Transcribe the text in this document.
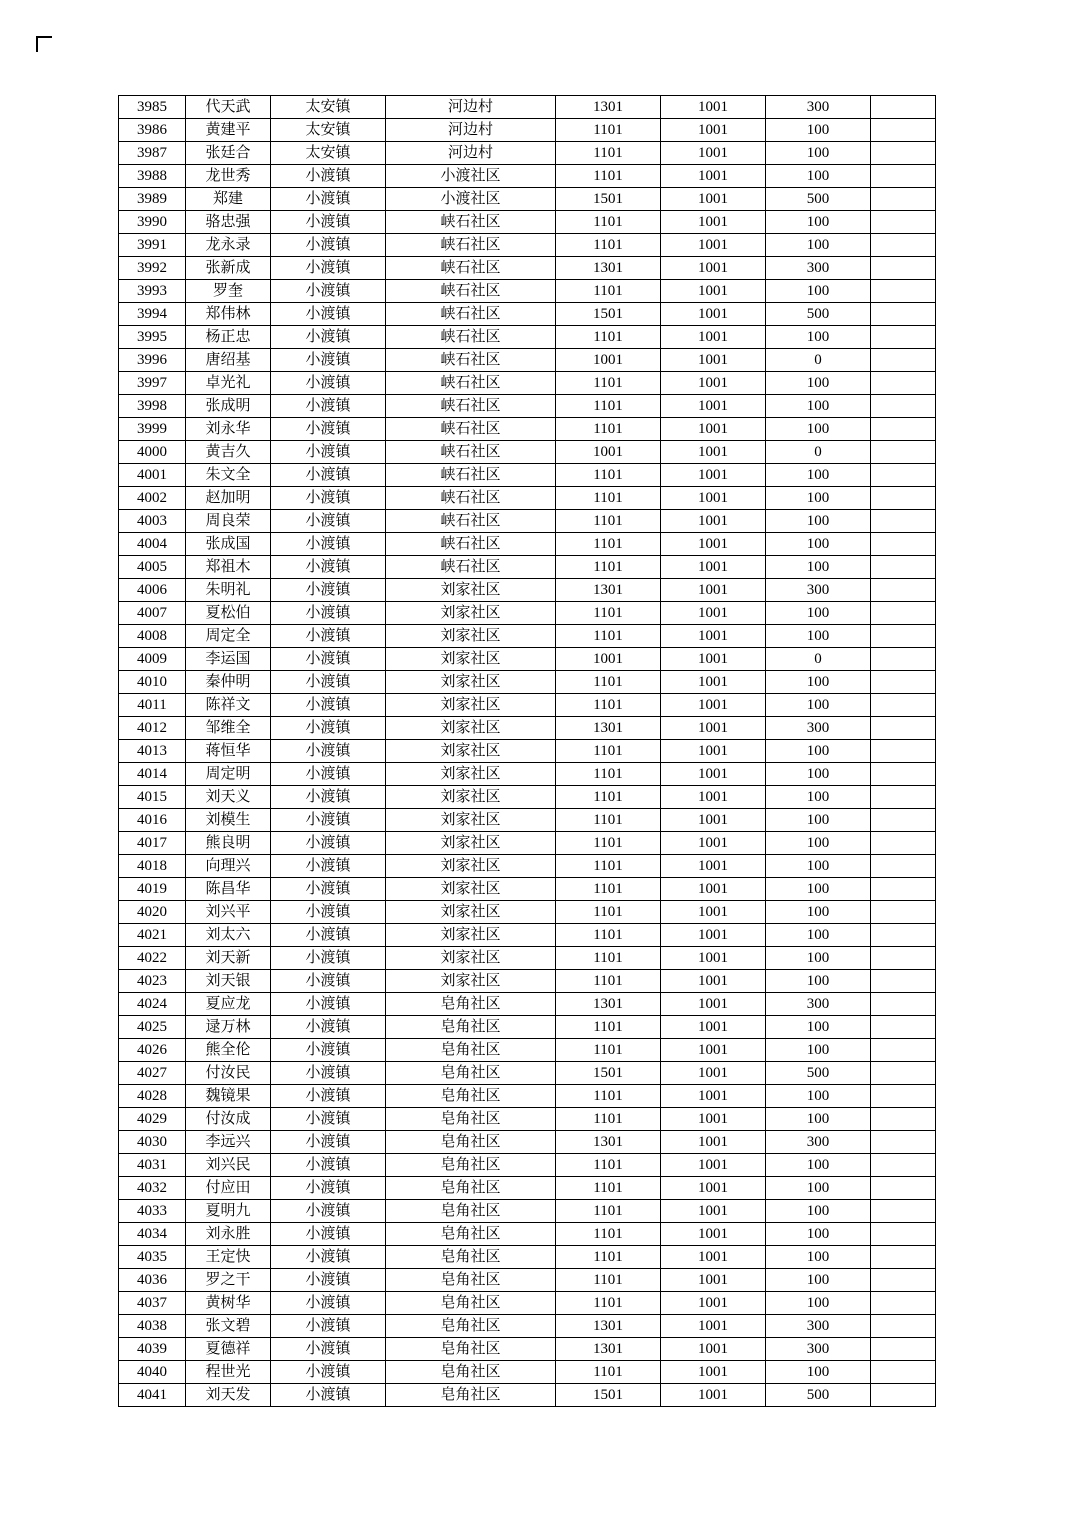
3985	代天武	太安镇	河边村	1301	1001	300	
3986	黄建平	太安镇	河边村	1101	1001	100	
3987	张廷合	太安镇	河边村	1101	1001	100	
3988	龙世秀	小渡镇	小渡社区	1101	1001	100	
3989	郑建	小渡镇	小渡社区	1501	1001	500	
3990	骆忠强	小渡镇	峡石社区	1101	1001	100	
3991	龙永录	小渡镇	峡石社区	1101	1001	100	
3992	张新成	小渡镇	峡石社区	1301	1001	300	
3993	罗奎	小渡镇	峡石社区	1101	1001	100	
3994	郑伟林	小渡镇	峡石社区	1501	1001	500	
3995	杨正忠	小渡镇	峡石社区	1101	1001	100	
3996	唐绍基	小渡镇	峡石社区	1001	1001	0	
3997	卓光礼	小渡镇	峡石社区	1101	1001	100	
3998	张成明	小渡镇	峡石社区	1101	1001	100	
3999	刘永华	小渡镇	峡石社区	1101	1001	100	
4000	黄吉久	小渡镇	峡石社区	1001	1001	0	
4001	朱文全	小渡镇	峡石社区	1101	1001	100	
4002	赵加明	小渡镇	峡石社区	1101	1001	100	
4003	周良荣	小渡镇	峡石社区	1101	1001	100	
4004	张成国	小渡镇	峡石社区	1101	1001	100	
4005	郑祖木	小渡镇	峡石社区	1101	1001	100	
4006	朱明礼	小渡镇	刘家社区	1301	1001	300	
4007	夏松伯	小渡镇	刘家社区	1101	1001	100	
4008	周定全	小渡镇	刘家社区	1101	1001	100	
4009	李运国	小渡镇	刘家社区	1001	1001	0	
4010	秦仲明	小渡镇	刘家社区	1101	1001	100	
4011	陈祥文	小渡镇	刘家社区	1101	1001	100	
4012	邹维全	小渡镇	刘家社区	1301	1001	300	
4013	蒋恒华	小渡镇	刘家社区	1101	1001	100	
4014	周定明	小渡镇	刘家社区	1101	1001	100	
4015	刘天义	小渡镇	刘家社区	1101	1001	100	
4016	刘模生	小渡镇	刘家社区	1101	1001	100	
4017	熊良明	小渡镇	刘家社区	1101	1001	100	
4018	向理兴	小渡镇	刘家社区	1101	1001	100	
4019	陈昌华	小渡镇	刘家社区	1101	1001	100	
4020	刘兴平	小渡镇	刘家社区	1101	1001	100	
4021	刘太六	小渡镇	刘家社区	1101	1001	100	
4022	刘天新	小渡镇	刘家社区	1101	1001	100	
4023	刘天银	小渡镇	刘家社区	1101	1001	100	
4024	夏应龙	小渡镇	皂角社区	1301	1001	300	
4025	逯万林	小渡镇	皂角社区	1101	1001	100	
4026	熊全伦	小渡镇	皂角社区	1101	1001	100	
4027	付汝民	小渡镇	皂角社区	1501	1001	500	
4028	魏镜果	小渡镇	皂角社区	1101	1001	100	
4029	付汝成	小渡镇	皂角社区	1101	1001	100	
4030	李远兴	小渡镇	皂角社区	1301	1001	300	
4031	刘兴民	小渡镇	皂角社区	1101	1001	100	
4032	付应田	小渡镇	皂角社区	1101	1001	100	
4033	夏明九	小渡镇	皂角社区	1101	1001	100	
4034	刘永胜	小渡镇	皂角社区	1101	1001	100	
4035	王定快	小渡镇	皂角社区	1101	1001	100	
4036	罗之干	小渡镇	皂角社区	1101	1001	100	
4037	黄树华	小渡镇	皂角社区	1101	1001	100	
4038	张文碧	小渡镇	皂角社区	1301	1001	300	
4039	夏德祥	小渡镇	皂角社区	1301	1001	300	
4040	程世光	小渡镇	皂角社区	1101	1001	100	
4041	刘天发	小渡镇	皂角社区	1501	1001	500	
